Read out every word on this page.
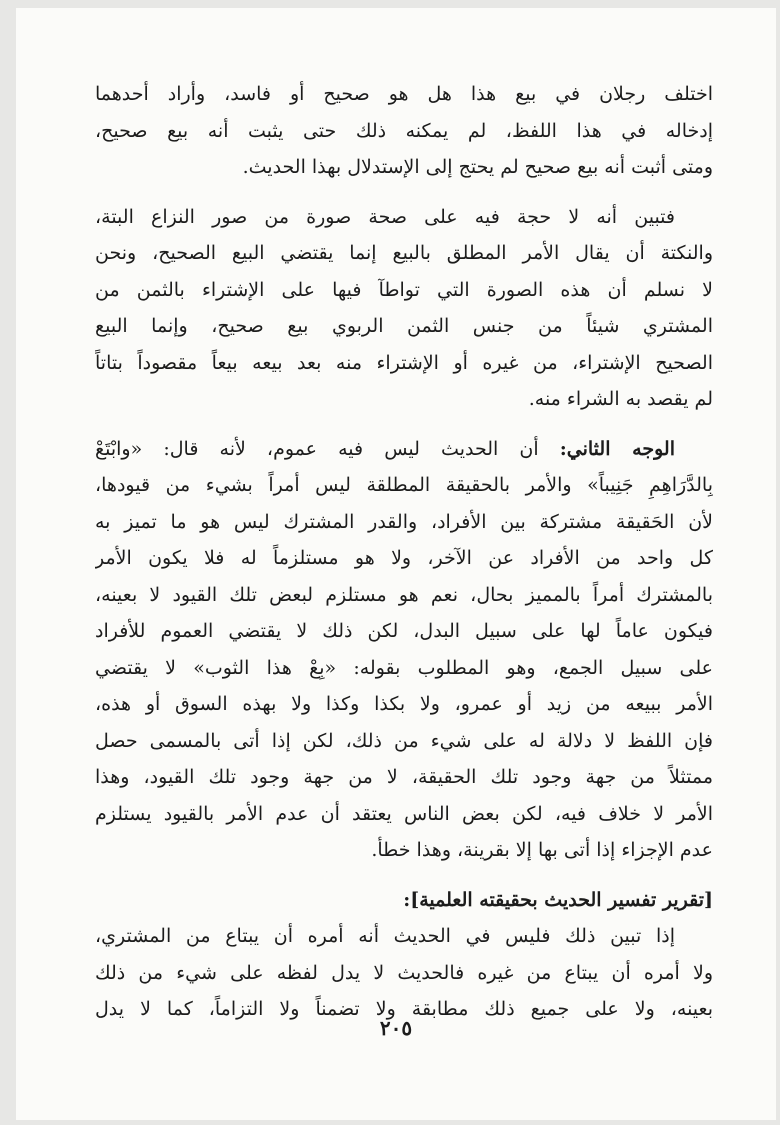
اختلف رجلان في بيع هذا هل هو صحيح أو فاسد، وأراد أحدهما
إدخاله في هذا اللفظ، لم يمكنه ذلك حتى يثبت أنه بيع صحيح،
ومتى أثبت أنه بيع صحيح لم يحتج إلى الإستدلال بهذا الحديث.

فتبين أنه لا حجة فيه على صحة صورة من صور النزاع البتة،
والنكتة أن يقال الأمر المطلق بالبيع إنما يقتضي البيع الصحيح، ونحن
لا نسلم أن هذه الصورة التي تواطآ فيها على الإشتراء بالثمن من
المشتري شيئاً من جنس الثمن الربوي بيع صحيح، وإنما البيع
الصحيح الإشتراء، من غيره أو الإشتراء منه بعد بيعه بيعاً مقصوداً بتاتاً
لم يقصد به الشراء منه.

الوجه الثاني: أن الحديث ليس فيه عموم، لأنه قال: «وابْتَعْ
بِالدَّرَاهِمِ جَنِيباً» والأمر بالحقيقة المطلقة ليس أمراً بشيء من قيودها،
لأن الحَقيقة مشتركة بين الأفراد، والقدر المشترك ليس هو ما تميز به
كل واحد من الأفراد عن الآخر، ولا هو مستلزماً له فلا يكون الأمر
بالمشترك أمراً بالمميز بحال، نعم هو مستلزم لبعض تلك القيود لا بعينه،
فيكون عاماً لها على سبيل البدل، لكن ذلك لا يقتضي العموم للأفراد
على سبيل الجمع، وهو المطلوب بقوله: «بِعْ هذا الثوب» لا يقتضي
الأمر ببيعه من زيد أو عمرو، ولا بكذا وكذا ولا بهذه السوق أو هذه،
فإن اللفظ لا دلالة له على شيء من ذلك، لكن إذا أتى بالمسمى حصل
ممتثلاً من جهة وجود تلك الحقيقة، لا من جهة وجود تلك القيود، وهذا
الأمر لا خلاف فيه، لكن بعض الناس يعتقد أن عدم الأمر بالقيود يستلزم
عدم الإجزاء إذا أتى بها إلا بقرينة، وهذا خطأ.

[تقرير تفسير الحديث بحقيقته العلمية]:

إذا تبين ذلك فليس في الحديث أنه أمره أن يبتاع من المشتري،
ولا أمره أن يبتاع من غيره فالحديث لا يدل لفظه على شيء من ذلك
بعينه، ولا على جميع ذلك مطابقة ولا تضمناً ولا التزاماً، كما لا يدل

٢٠٥
